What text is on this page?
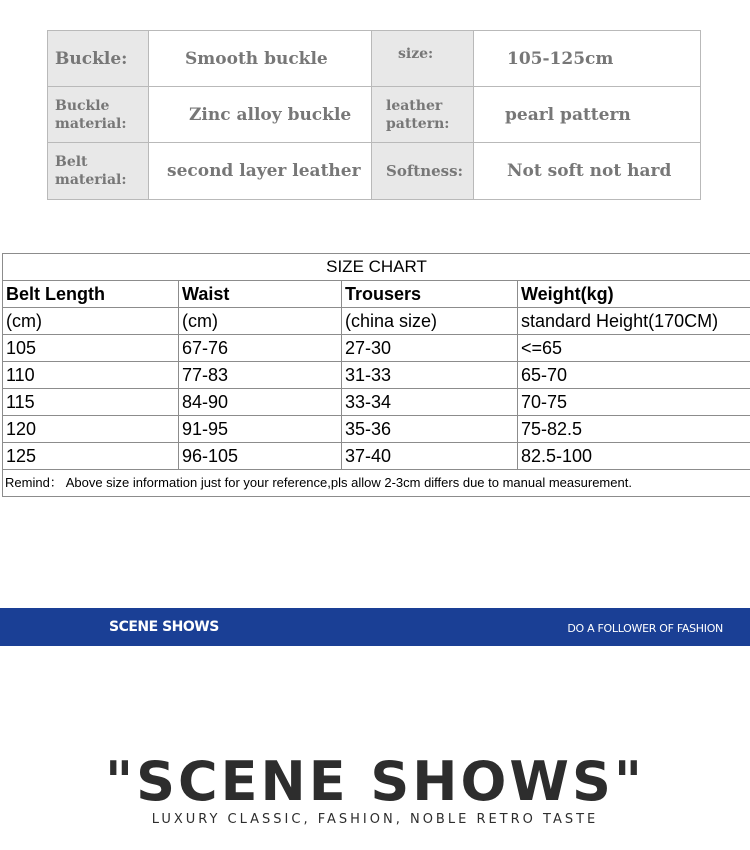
Buckle:	Smooth buckle	size:	105-125cm
Buckle material:	Zinc alloy buckle	leather pattern:	pearl pattern
Belt material:	second layer leather	Softness:	Not soft not hard
SIZE CHART			
Belt Length	Waist	Trousers	Weight(kg)
(cm)	(cm)	(china size)	standard Height(170CM)
105	67-76	27-30	<=65
110	77-83	31-33	65-70
115	84-90	33-34	70-75
120	91-95	35-36	75-82.5
125	96-105	37-40	82.5-100
Remind： Above size information just for your reference,pls allow 2-3cm differs due to manual measurement.			
SCENE SHOWS	DO A FOLLOWER OF FASHION
"SCENE SHOWS"
LUXURY CLASSIC, FASHION, NOBLE RETRO TASTE
